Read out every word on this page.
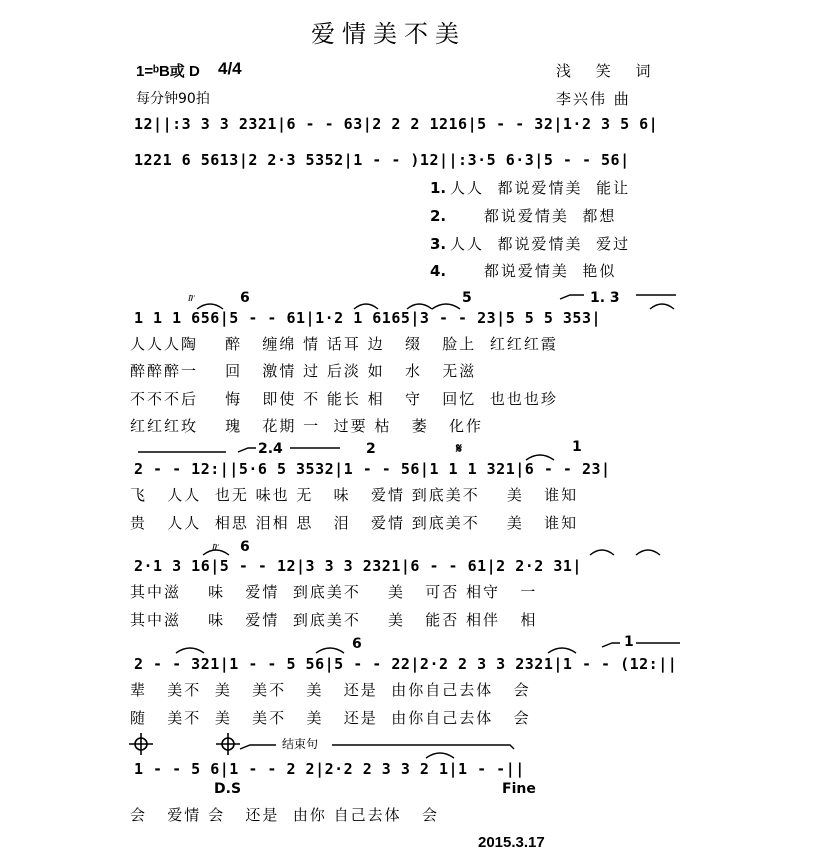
爱情美不美
1=ᵇB或 D 4/4
每分钟90拍
浅 笑 词
李兴伟 曲
12||:3 3 3 2321|6 - - 63|2 2 2 1216|5 - - 32|1·2 3 5 6|
1221 6 5613|2 2·3 5352|1 - - )12||:3·5 6·3|5 - - 56|
1. 人人  都说爱情美  能让
2. 都说爱情美  都想
3. 人人  都说爱情美  爱过
4. 都说爱情美  艳似
𝆖	6	5	1. 3
1 1 1 656|5 - - 61|1·2 1 6165|3 - - 23|5 5 5 353|
人人人陶    醉   缠绵 情 话耳 边   缀   脸上  红红红霞
醉醉醉一    回   激情 过 后淡 如   水   无滋
不不不后    悔   即使 不 能长 相   守   回忆  也也也珍
红红红玫    瑰   花期 一  过要 枯   萎   化作
2.4	2	𝄋	1
2 - - 12:||5·6 5 3532|1 - - 56|1 1 1 321|6 - - 23|
飞   人人  也无 味也 无   味   爱情 到底美不    美   谁知
贵   人人  相思 泪相 思   泪   爱情 到底美不    美   谁知
𝆖 6
2·1 3 16|5 - - 12|3 3 3 2321|6 - - 61|2 2·2 31|
其中滋    味   爱情  到底美不    美   可否 相守   一
其中滋    味   爱情  到底美不    美   能否 相伴   相
6	1
2 - - 321|1 - - 5 56|5 - - 22|2·2 2 3 3 2321|1 - - (12:||
辈   美不  美   美不   美   还是  由你自己去体   会
随   美不  美   美不   美   还是  由你自己去体   会
结束句
1 - - 5 6|1 - - 2 2|2·2 2 3 3 2 1|1 - -||
D.S	Fine
会   爱情 会   还是  由你 自己去体   会
2015.3.17
